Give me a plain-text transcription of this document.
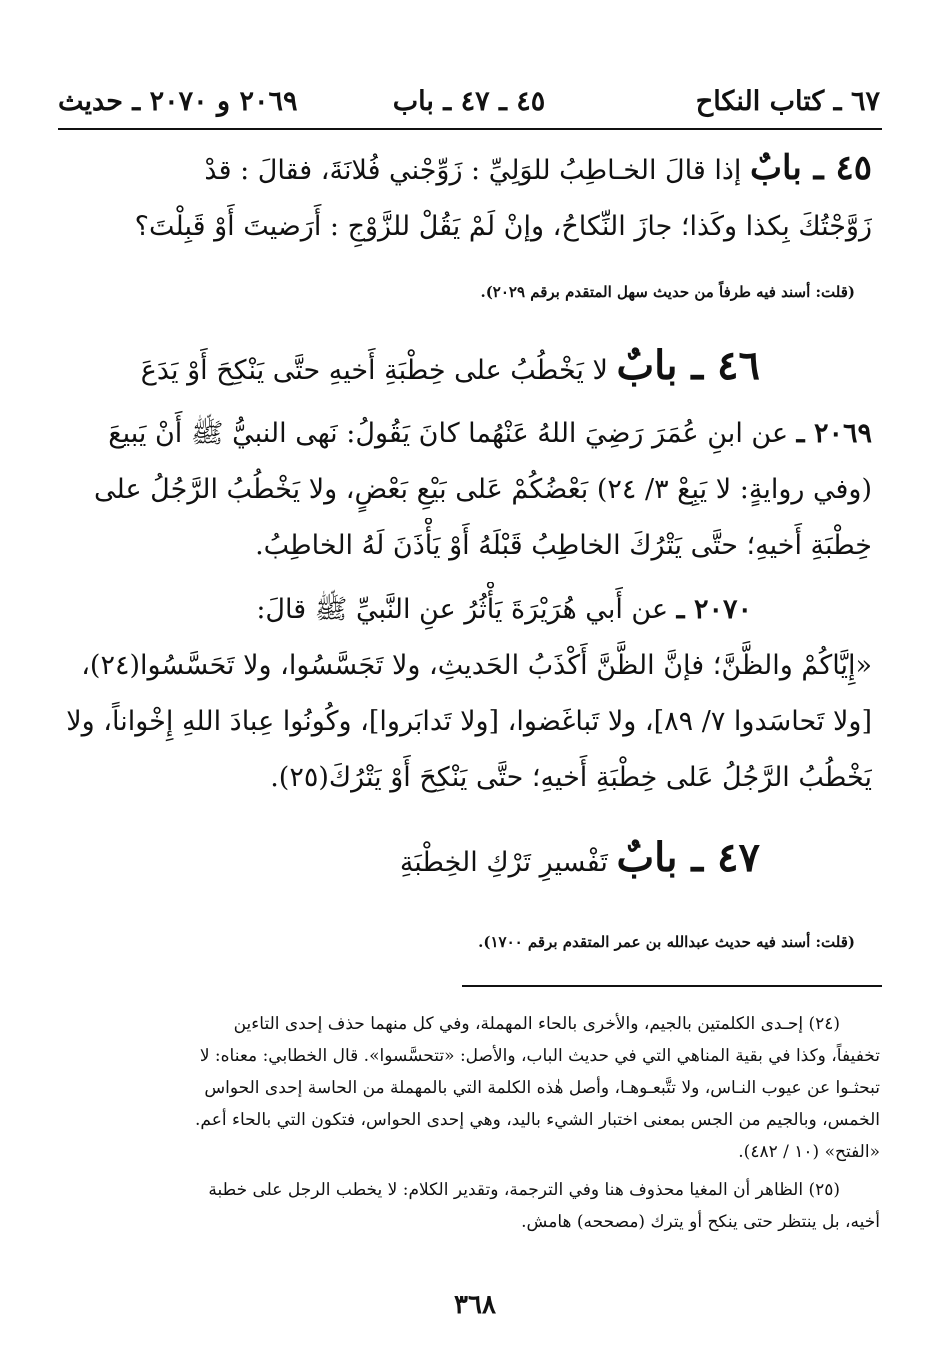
٦٧ ـ كتاب النكاح
٤٥ ـ ٤٧ ـ باب
٢٠٦٩ و ٢٠٧٠ ـ حديث
٤٥ ـ بابٌ إذا قالَ الخـاطِبُ للوَلِيِّ : زَوِّجْني فُلانَةَ، فقالَ : قدْ
زَوَّجْتُكَ بِكذا وكَذا؛ جازَ النِّكاحُ، وإنْ لَمْ يَقُلْ للزَّوْجِ : أَرَضيتَ أَوْ قَبِلْتَ؟
(قلت: أسند فيه طرفاً من حديث سهل المتقدم برقم ٢٠٢٩).
٤٦ ـ بابٌ لا يَخْطُبُ على خِطْبَةِ أَخيهِ حتَّى يَنْكِحَ أَوْ يَدَعَ
٢٠٦٩ ـ عن ابنِ عُمَرَ رَضِيَ اللهُ عَنْهُما كانَ يَقُولُ: نَهى النبيُّ ﷺ أَنْ يَبيعَ
(وفي روايةٍ: لا يَبِعْ ٣/ ٢٤) بَعْضُكُمْ عَلى بَيْعِ بَعْضٍ، ولا يَخْطُبُ الرَّجُلُ على
خِطْبَةِ أَخيهِ؛ حتَّى يَتْرُكَ الخاطِبُ قَبْلَهُ أَوْ يَأْذَنَ لَهُ الخاطِبُ.
٢٠٧٠ ـ عن أَبي هُرَيْرَةَ يَأْثُرُ عنِ النَّبيِّ ﷺ قالَ:
«إِيَّاكُمْ والظَّنَّ؛ فإنَّ الظَّنَّ أَكْذَبُ الحَديثِ، ولا تَجَسَّسُوا، ولا تَحَسَّسُوا(٢٤)،
[ولا تَحاسَدوا ٧/ ٨٩]، ولا تَباغَضوا، [ولا تَدابَروا]، وكُونُوا عِبادَ اللهِ إِخْواناً، ولا
يَخْطُبُ الرَّجُلُ عَلى خِطْبَةِ أَخيهِ؛ حتَّى يَنْكِحَ أَوْ يَتْرُكَ(٢٥).
٤٧ ـ بابٌ تَفْسيرِ تَرْكِ الخِطْبَةِ
(قلت: أسند فيه حديث عبدالله بن عمر المتقدم برقم ١٧٠٠).
(٢٤) إحـدى الكلمتين بالجيم، والأخرى بالحاء المهملة، وفي كل منهما حذف إحدى التاءين
تخفيفاً، وكذا في بقية المناهي التي في حديث الباب، والأصل: «تتحسَّسوا». قال الخطابي: معناه: لا
تبحثـوا عن عيوب النـاس، ولا تتَّبعـوهـا، وأصل هٰذه الكلمة التي بالمهملة من الحاسة إحدى الحواس
الخمس، وبالجيم من الجس بمعنى اختبار الشيء باليد، وهي إحدى الحواس، فتكون التي بالحاء أعم.
«الفتح» (١٠ / ٤٨٢).
(٢٥) الظاهر أن المغيا محذوف هنا وفي الترجمة، وتقدير الكلام: لا يخطب الرجل على خطبة
أخيه، بل ينتظر حتى ينكح أو يترك (مصححه) هامش.
٣٦٨
